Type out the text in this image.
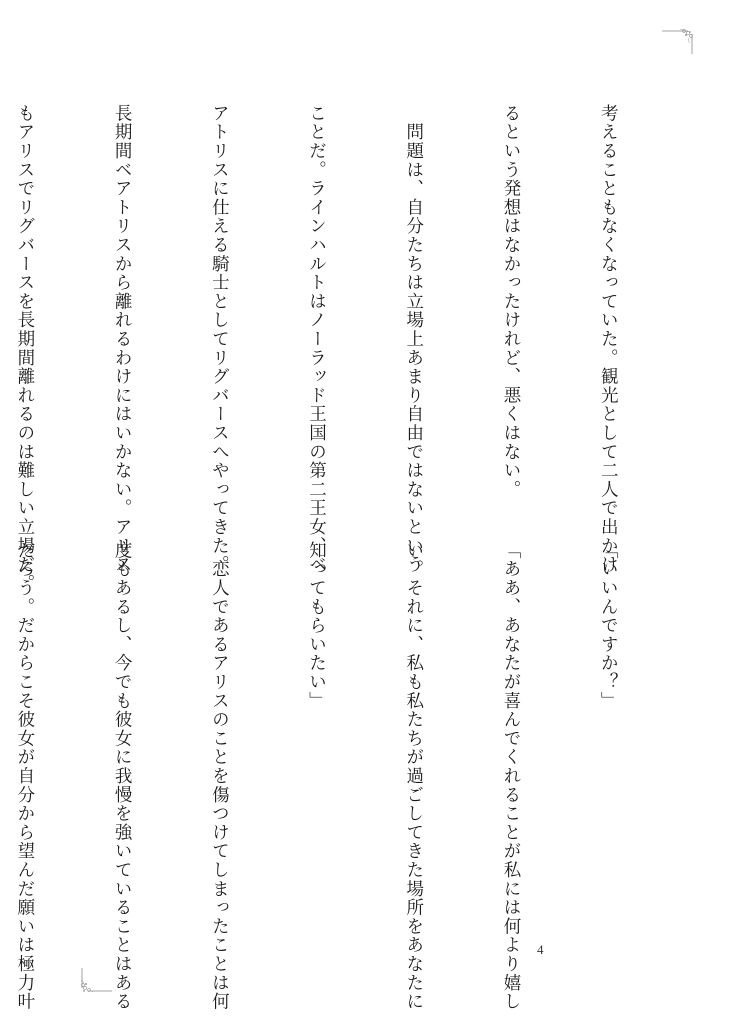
考えることもなくなっていた。観光として二人で出かけ

るという発想はなかったけれど、悪くはない。

　問題は、自分たちは立場上あまり自由ではないという

ことだ。ラインハルトはノーラッド王国の第二王女、ベ

アトリスに仕える騎士としてリグバースへやってきた。

長期間ベアトリスから離れるわけにはいかない。アリス

もアリスでリグバースを長期間離れるのは難しい立場だ。

「いいんですか？」

「ああ、あなたが喜んでくれることが私には何より嬉し

い。それに、私も私たちが過ごしてきた場所をあなたに

知ってもらいたい」

　恋人であるアリスのことを傷つけてしまったことは何

度もあるし、今でも彼女に我慢を強いていることはある

だろう。だからこそ彼女が自分から望んだ願いは極力叶

	4
